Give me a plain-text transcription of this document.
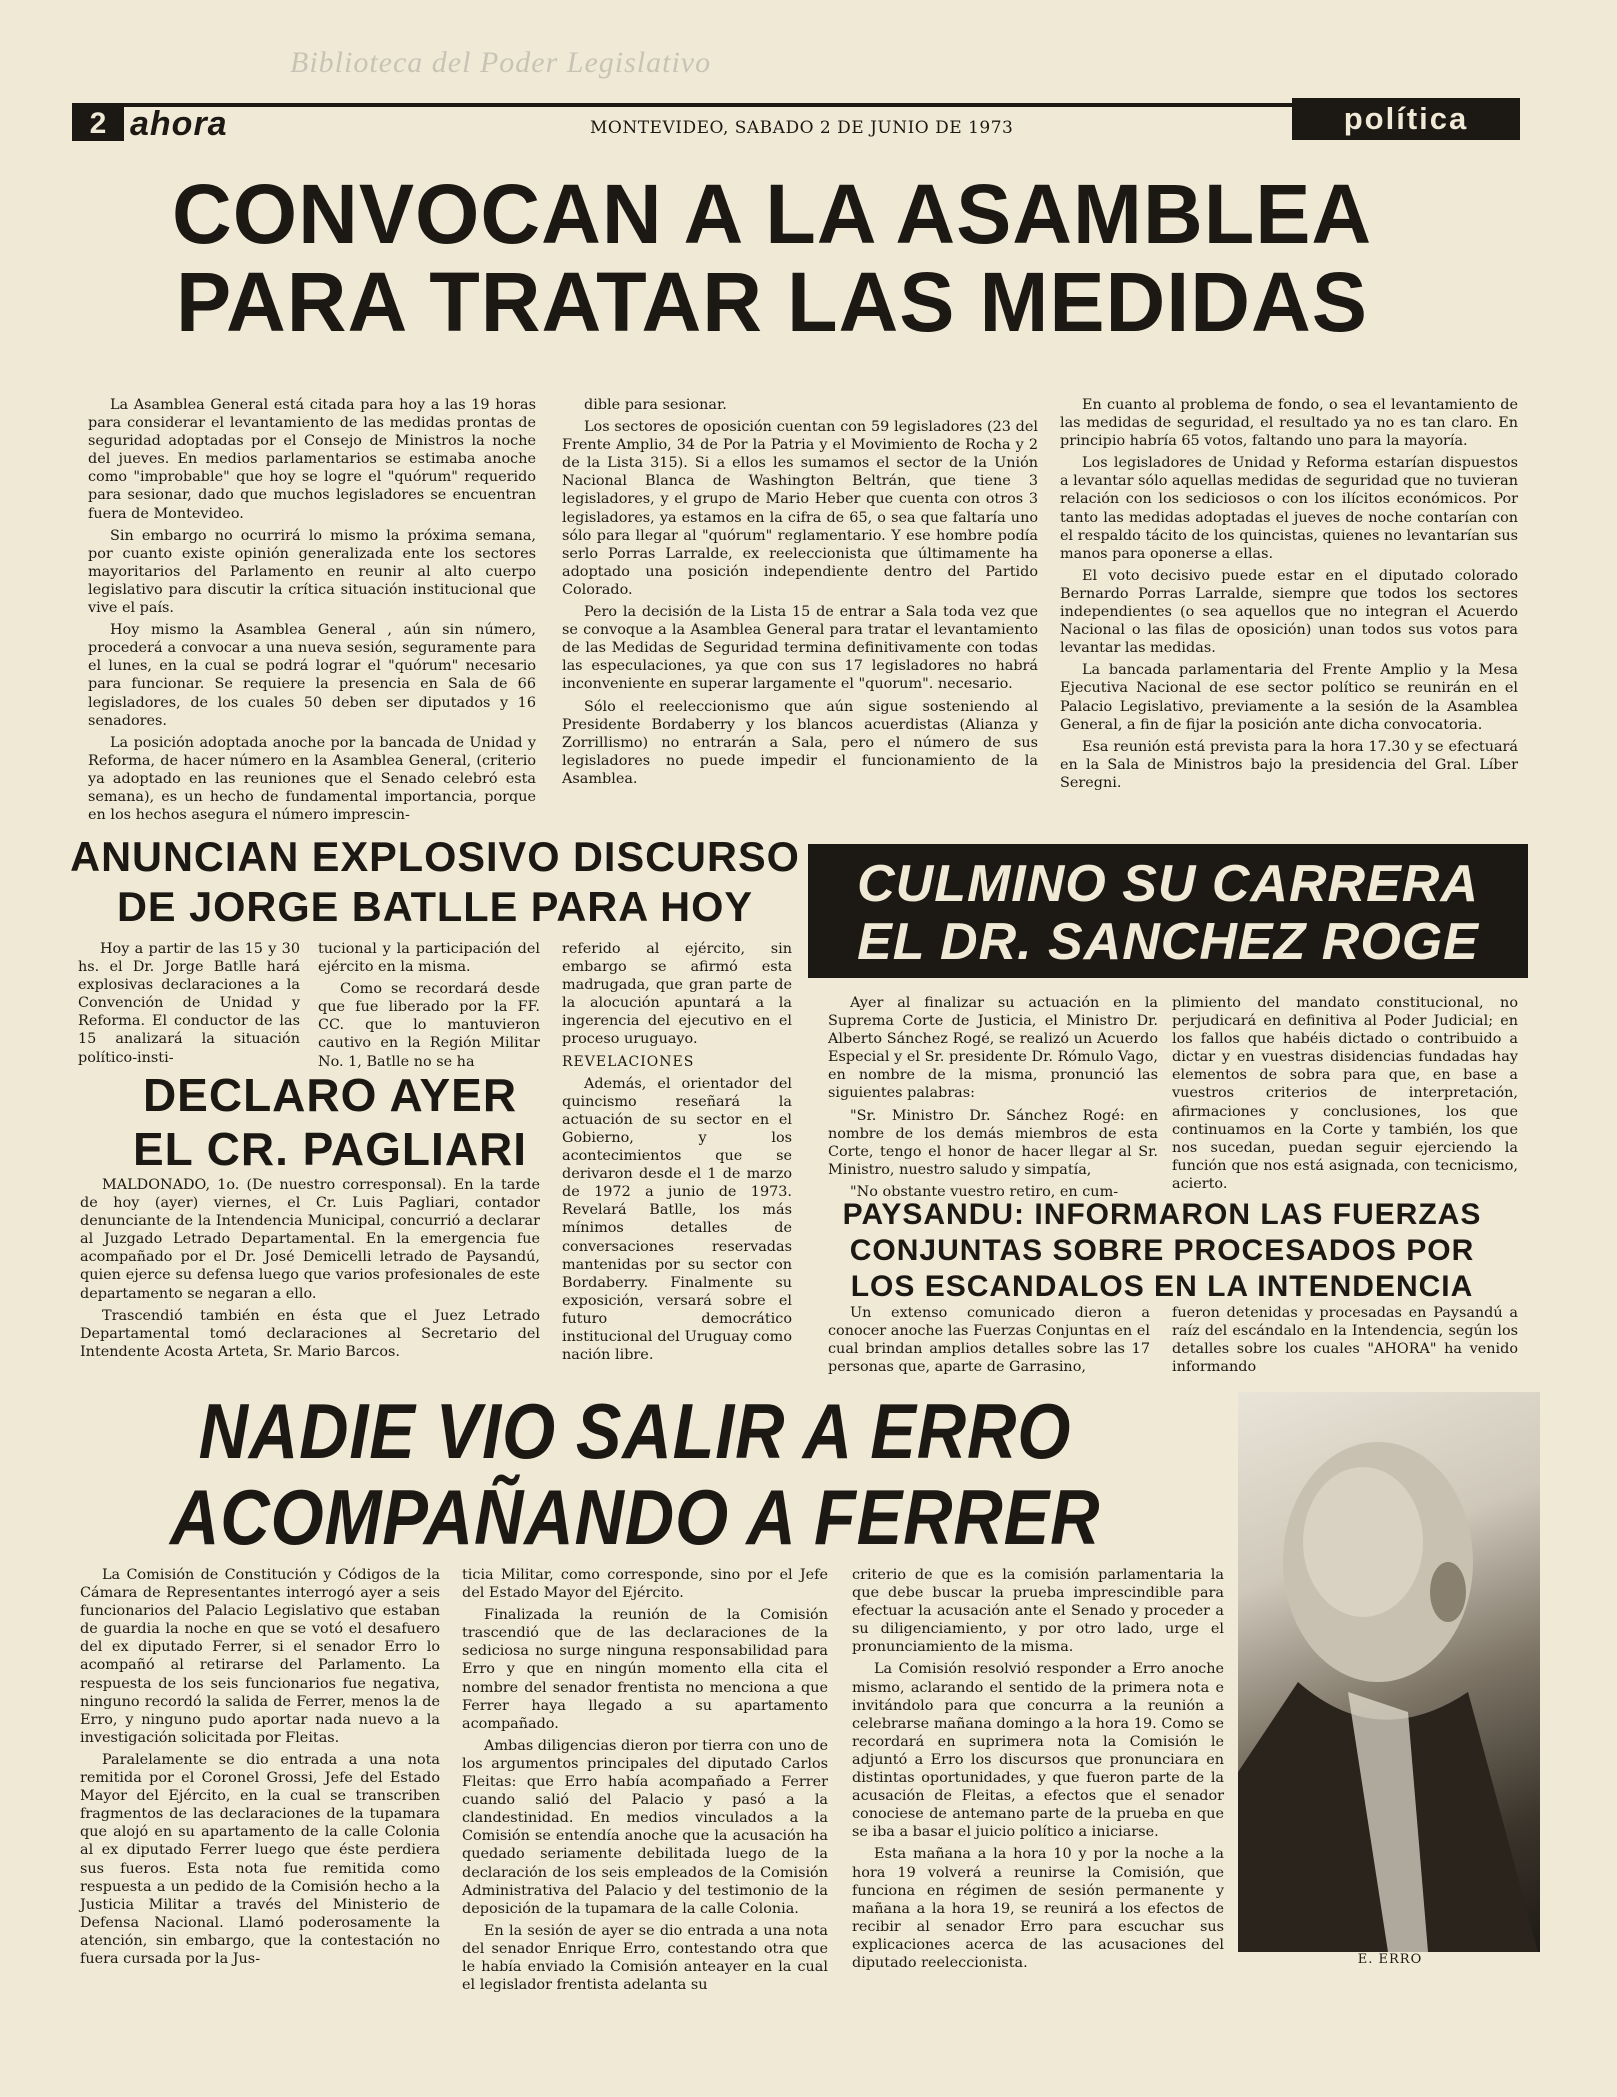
Biblioteca del Poder Legislativo
2 ahora	MONTEVIDEO, SABADO 2 DE JUNIO DE 1973	política
CONVOCAN A LA ASAMBLEA
PARA TRATAR LAS MEDIDAS

La Asamblea General está citada para hoy a las 19 horas para considerar el levantamiento de las medidas prontas de seguridad adoptadas por el Consejo de Ministros la noche del jueves. En medios parlamentarios se estimaba anoche como "improbable" que hoy se logre el "quórum" requerido para sesionar, dado que muchos legisladores se encuentran fuera de Montevideo.

Sin embargo no ocurrirá lo mismo la próxima semana, por cuanto existe opinión generalizada ente los sectores mayoritarios del Parlamento en reunir al alto cuerpo legislativo para discutir la crítica situación institucional que vive el país.

Hoy mismo la Asamblea General , aún sin número, procederá a convocar a una nueva sesión, seguramente para el lunes, en la cual se podrá lograr el "quórum" necesario para funcionar. Se requiere la presencia en Sala de 66 legisladores, de los cuales 50 deben ser diputados y 16 senadores.

La posición adoptada anoche por la bancada de Unidad y Reforma, de hacer número en la Asamblea General, (criterio ya adoptado en las reuniones que el Senado celebró esta semana), es un hecho de fundamental importancia, porque en los hechos asegura el número imprescin-

dible para sesionar.

Los sectores de oposición cuentan con 59 legisladores (23 del Frente Amplio, 34 de Por la Patria y el Movimiento de Rocha y 2 de la Lista 315). Si a ellos les sumamos el sector de la Unión Nacional Blanca de Washington Beltrán, que tiene 3 legisladores, y el grupo de Mario Heber que cuenta con otros 3 legisladores, ya estamos en la cifra de 65, o sea que faltaría uno sólo para llegar al "quórum" reglamentario. Y ese hombre podía serlo Porras Larralde, ex reeleccionista que últimamente ha adoptado una posición independiente dentro del Partido Colorado.

Pero la decisión de la Lista 15 de entrar a Sala toda vez que se convoque a la Asamblea General para tratar el levantamiento de las Medidas de Seguridad termina definitivamente con todas las especulaciones, ya que con sus 17 legisladores no habrá inconveniente en superar largamente el "quorum". necesario.

Sólo el reeleccionismo que aún sigue sosteniendo al Presidente Bordaberry y los blancos acuerdistas (Alianza y Zorrillismo) no entrarán a Sala, pero el número de sus legisladores no puede impedir el funcionamiento de la Asamblea.

En cuanto al problema de fondo, o sea el levantamiento de las medidas de seguridad, el resultado ya no es tan claro. En principio habría 65 votos, faltando uno para la mayoría.

Los legisladores de Unidad y Reforma estarían dispuestos a levantar sólo aquellas medidas de seguridad que no tuvieran relación con los sediciosos o con los ilícitos económicos. Por tanto las medidas adoptadas el jueves de noche contarían con el respaldo tácito de los quincistas, quienes no levantarían sus manos para oponerse a ellas.

El voto decisivo puede estar en el diputado colorado Bernardo Porras Larralde, siempre que todos los sectores independientes (o sea aquellos que no integran el Acuerdo Nacional o las filas de oposición) unan todos sus votos para levantar las medidas.

La bancada parlamentaria del Frente Amplio y la Mesa Ejecutiva Nacional de ese sector político se reunirán en el Palacio Legislativo, previamente a la sesión de la Asamblea General, a fin de fijar la posición ante dicha convocatoria.

Esa reunión está prevista para la hora 17.30 y se efectuará en la Sala de Ministros bajo la presidencia del Gral. Líber Seregni.

ANUNCIAN EXPLOSIVO DISCURSO
DE JORGE BATLLE PARA HOY

Hoy a partir de las 15 y 30 hs. el Dr. Jorge Batlle hará explosivas declaraciones a la Convención de Unidad y Reforma. El conductor de las 15 analizará la situación político-insti-

tucional y la participación del ejército en la misma.

Como se recordará desde que fue liberado por la FF. CC. que lo mantuvieron cautivo en la Región Militar No. 1, Batlle no se ha

referido al ejército, sin embargo se afirmó esta madrugada, que gran parte de la alocución apuntará a la ingerencia del ejecutivo en el proceso uruguayo.

REVELACIONES

Además, el orientador del quincismo reseñará la actuación de su sector en el Gobierno, y los acontecimientos que se derivaron desde el 1 de marzo de 1972 a junio de 1973. Revelará Batlle, los más mínimos detalles de conversaciones reservadas mantenidas por su sector con Bordaberry. Finalmente su exposición, versará sobre el futuro democrático institucional del Uruguay como nación libre.

CULMINO SU CARRERA
EL DR. SANCHEZ ROGE

Ayer al finalizar su actuación en la Suprema Corte de Justicia, el Ministro Dr. Alberto Sánchez Rogé, se realizó un Acuerdo Especial y el Sr. presidente Dr. Rómulo Vago, en nombre de la misma, pronunció las siguientes palabras:

"Sr. Ministro Dr. Sánchez Rogé: en nombre de los demás miembros de esta Corte, tengo el honor de hacer llegar al Sr. Ministro, nuestro saludo y simpatía,

"No obstante vuestro retiro, en cum-

plimiento del mandato constitucional, no perjudicará en definitiva al Poder Judicial; en los fallos que habéis dictado o contribuido a dictar y en vuestras disidencias fundadas hay elementos de sobra para que, en base a vuestros criterios de interpretación, afirmaciones y conclusiones, los que continuamos en la Corte y también, los que nos sucedan, puedan seguir ejerciendo la función que nos está asignada, con tecnicismo, acierto.

DECLARO AYER
EL CR. PAGLIARI

MALDONADO, 1o. (De nuestro corresponsal). En la tarde de hoy (ayer) viernes, el Cr. Luis Pagliari, contador denunciante de la Intendencia Municipal, concurrió a declarar al Juzgado Letrado Departamental. En la emergencia fue acompañado por el Dr. José Demicelli letrado de Paysandú, quien ejerce su defensa luego que varios profesionales de este departamento se negaran a ello.

Trascendió también en ésta que el Juez Letrado Departamental tomó declaraciones al Secretario del Intendente Acosta Arteta, Sr. Mario Barcos.

PAYSANDU: INFORMARON LAS FUERZAS
CONJUNTAS SOBRE PROCESADOS POR
LOS ESCANDALOS EN LA INTENDENCIA

Un extenso comunicado dieron a conocer anoche las Fuerzas Conjuntas en el cual brindan amplios detalles sobre las 17 personas que, aparte de Garrasino,

fueron detenidas y procesadas en Paysandú a raíz del escándalo en la Intendencia, según los detalles sobre los cuales "AHORA" ha venido informando

NADIE VIO SALIR A ERRO
ACOMPAÑANDO A FERRER

La Comisión de Constitución y Códigos de la Cámara de Representantes interrogó ayer a seis funcionarios del Palacio Legislativo que estaban de guardia la noche en que se votó el desafuero del ex diputado Ferrer, si el senador Erro lo acompañó al retirarse del Parlamento. La respuesta de los seis funcionarios fue negativa, ninguno recordó la salida de Ferrer, menos la de Erro, y ninguno pudo aportar nada nuevo a la investigación solicitada por Fleitas.

Paralelamente se dio entrada a una nota remitida por el Coronel Grossi, Jefe del Estado Mayor del Ejército, en la cual se transcriben fragmentos de las declaraciones de la tupamara que alojó en su apartamento de la calle Colonia al ex diputado Ferrer luego que éste perdiera sus fueros. Esta nota fue remitida como respuesta a un pedido de la Comisión hecho a la Justicia Militar a través del Ministerio de Defensa Nacional. Llamó poderosamente la atención, sin embargo, que la contestación no fuera cursada por la Jus-

ticia Militar, como corresponde, sino por el Jefe del Estado Mayor del Ejército.

Finalizada la reunión de la Comisión trascendió que de las declaraciones de la sediciosa no surge ninguna responsabilidad para Erro y que en ningún momento ella cita el nombre del senador frentista no menciona a que Ferrer haya llegado a su apartamento acompañado.

Ambas diligencias dieron por tierra con uno de los argumentos principales del diputado Carlos Fleitas: que Erro había acompañado a Ferrer cuando salió del Palacio y pasó a la clandestinidad. En medios vinculados a la Comisión se entendía anoche que la acusación ha quedado seriamente debilitada luego de la declaración de los seis empleados de la Comisión Administrativa del Palacio y del testimonio de la deposición de la tupamara de la calle Colonia.

En la sesión de ayer se dio entrada a una nota del senador Enrique Erro, contestando otra que le había enviado la Comisión anteayer en la cual el legislador frentista adelanta su

criterio de que es la comisión parlamentaria la que debe buscar la prueba imprescindible para efectuar la acusación ante el Senado y proceder a su diligenciamiento, y por otro lado, urge el pronunciamiento de la misma.

La Comisión resolvió responder a Erro anoche mismo, aclarando el sentido de la primera nota e invitándolo para que concurra a la reunión a celebrarse mañana domingo a la hora 19. Como se recordará en suprimera nota la Comisión le adjuntó a Erro los discursos que pronunciara en distintas oportunidades, y que fueron parte de la acusación de Fleitas, a efectos que el senador conociese de antemano parte de la prueba en que se iba a basar el juicio político a iniciarse.

Esta mañana a la hora 10 y por la noche a la hora 19 volverá a reunirse la Comisión, que funciona en régimen de sesión permanente y mañana a la hora 19, se reunirá a los efectos de recibir al senador Erro para escuchar sus explicaciones acerca de las acusaciones del diputado reeleccionista.	E. ERRO
